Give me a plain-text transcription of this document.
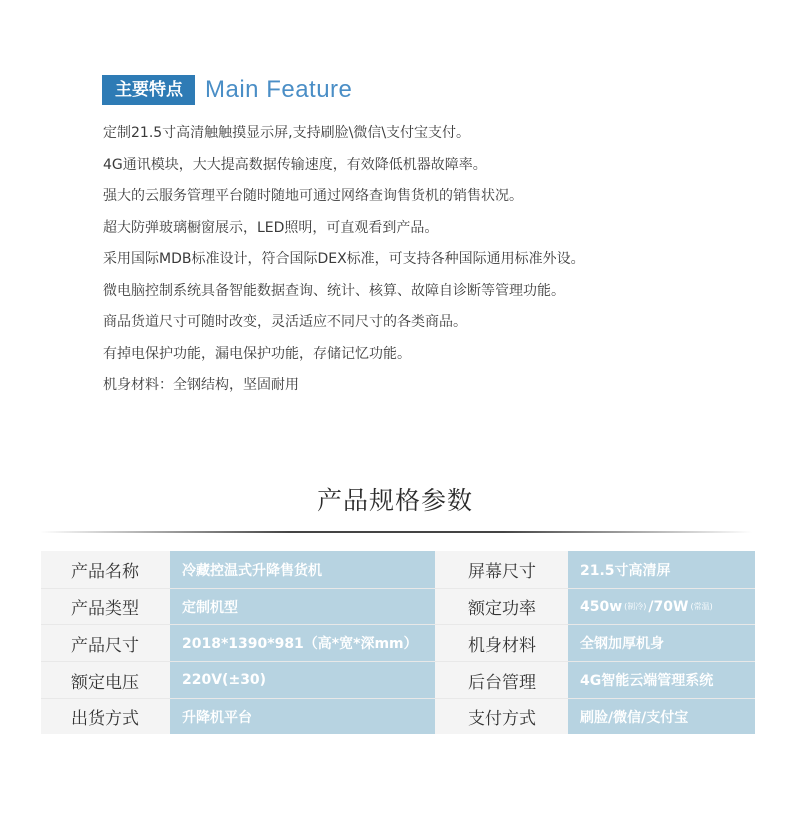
主要特点 Main Feature
定制21.5寸高清触触摸显示屏,支持刷脸\微信\支付宝支付。
4G通讯模块，大大提高数据传输速度，有效降低机器故障率。
强大的云服务管理平台随时随地可通过网络查询售货机的销售状况。
超大防弹玻璃橱窗展示，LED照明，可直观看到产品。
采用国际MDB标准设计，符合国际DEX标准，可支持各种国际通用标准外设。
微电脑控制系统具备智能数据查询、统计、核算、故障自诊断等管理功能。
商品货道尺寸可随时改变，灵活适应不同尺寸的各类商品。
有掉电保护功能，漏电保护功能，存储记忆功能。
机身材料：全钢结构，坚固耐用
产品规格参数
产品名称	冷藏控温式升降售货机	屏幕尺寸	21.5寸高清屏
产品类型	定制机型	额定功率	450w (制冷) /70W (常温)
产品尺寸	2018*1390*981（高*宽*深mm）	机身材料	全钢加厚机身
额定电压	220V(±30)	后台管理	4G智能云端管理系统
出货方式	升降机平台	支付方式	刷脸/微信/支付宝
